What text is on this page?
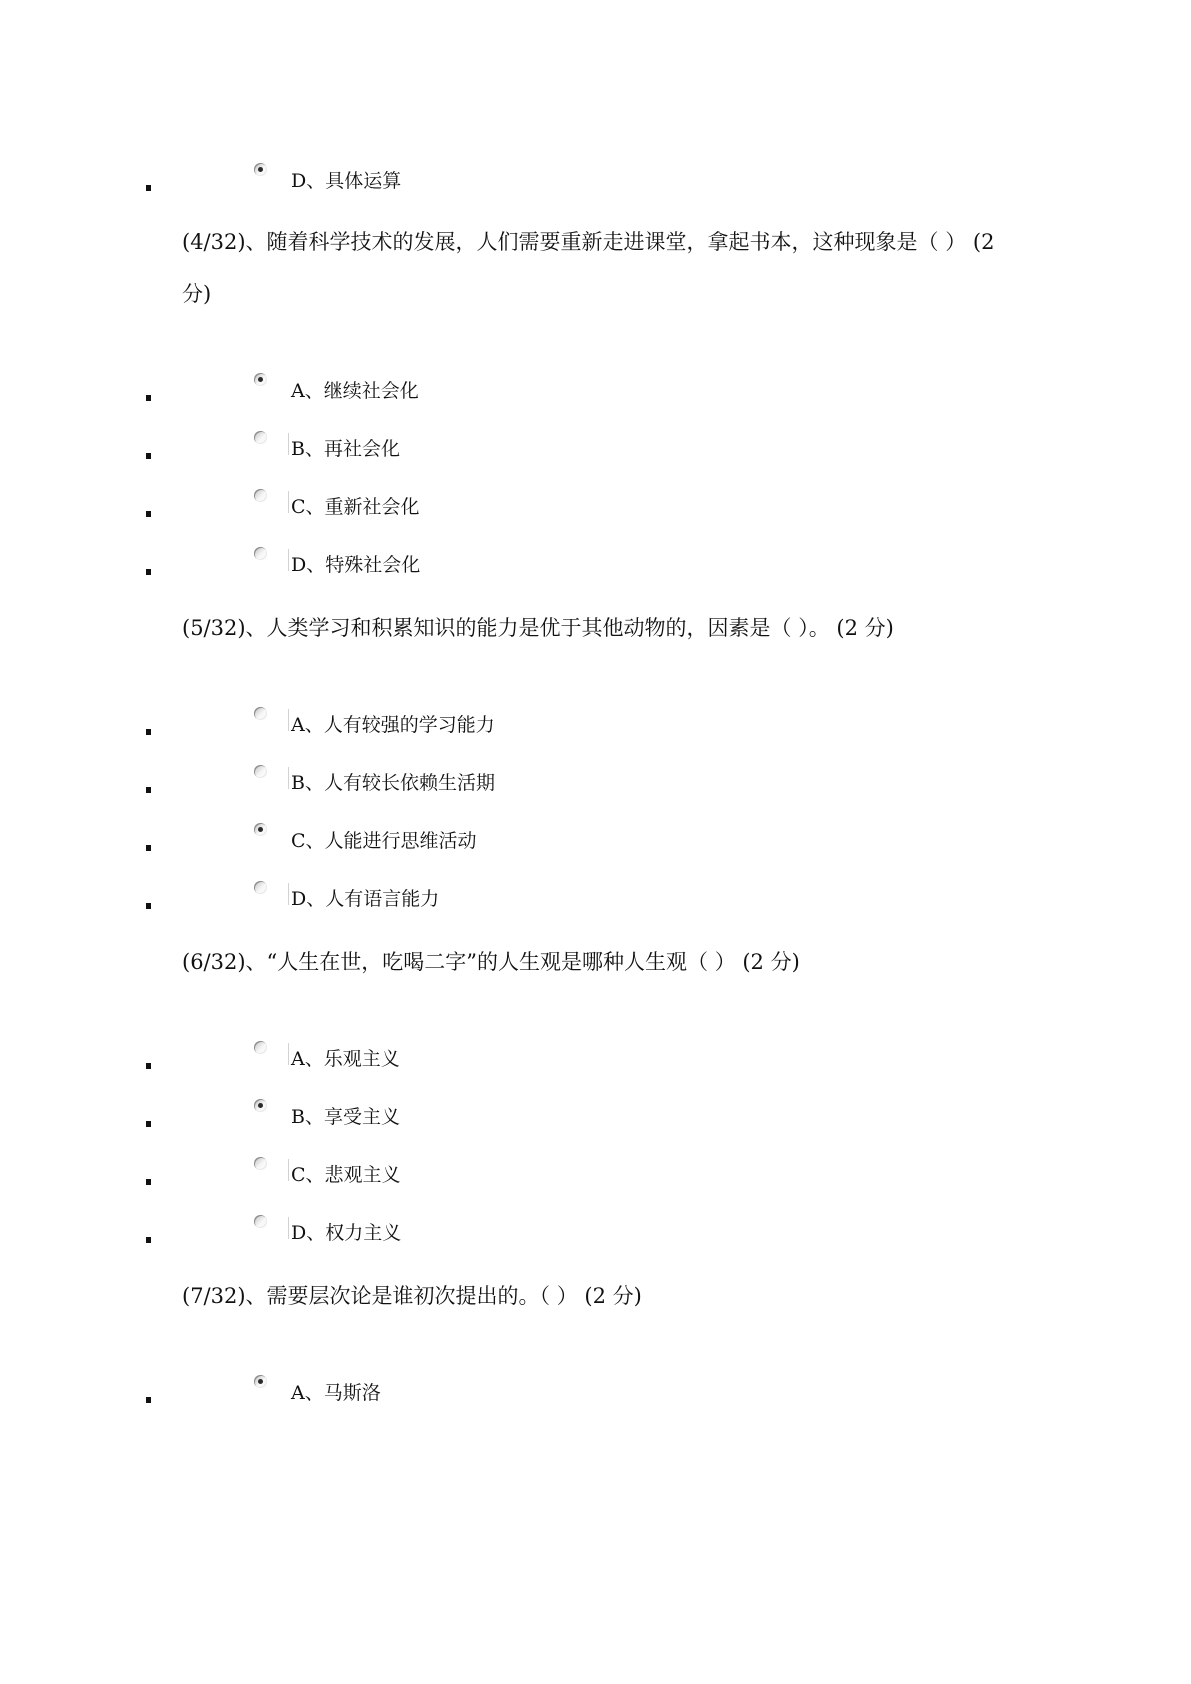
D、具体运算
(4/32)、随着科学技术的发展，人们需要重新走进课堂，拿起书本，这种现象是（ ） (2 分)
A、继续社会化
B、再社会化
C、重新社会化
D、特殊社会化
(5/32)、人类学习和积累知识的能力是优于其他动物的，因素是（ ）。 (2 分)
A、人有较强的学习能力
B、人有较长依赖生活期
C、人能进行思维活动
D、人有语言能力
(6/32)、“人生在世，吃喝二字”的人生观是哪种人生观（ ） (2 分)
A、乐观主义
B、享受主义
C、悲观主义
D、权力主义
(7/32)、需要层次论是谁初次提出的。（ ） (2 分)
A、马斯洛
